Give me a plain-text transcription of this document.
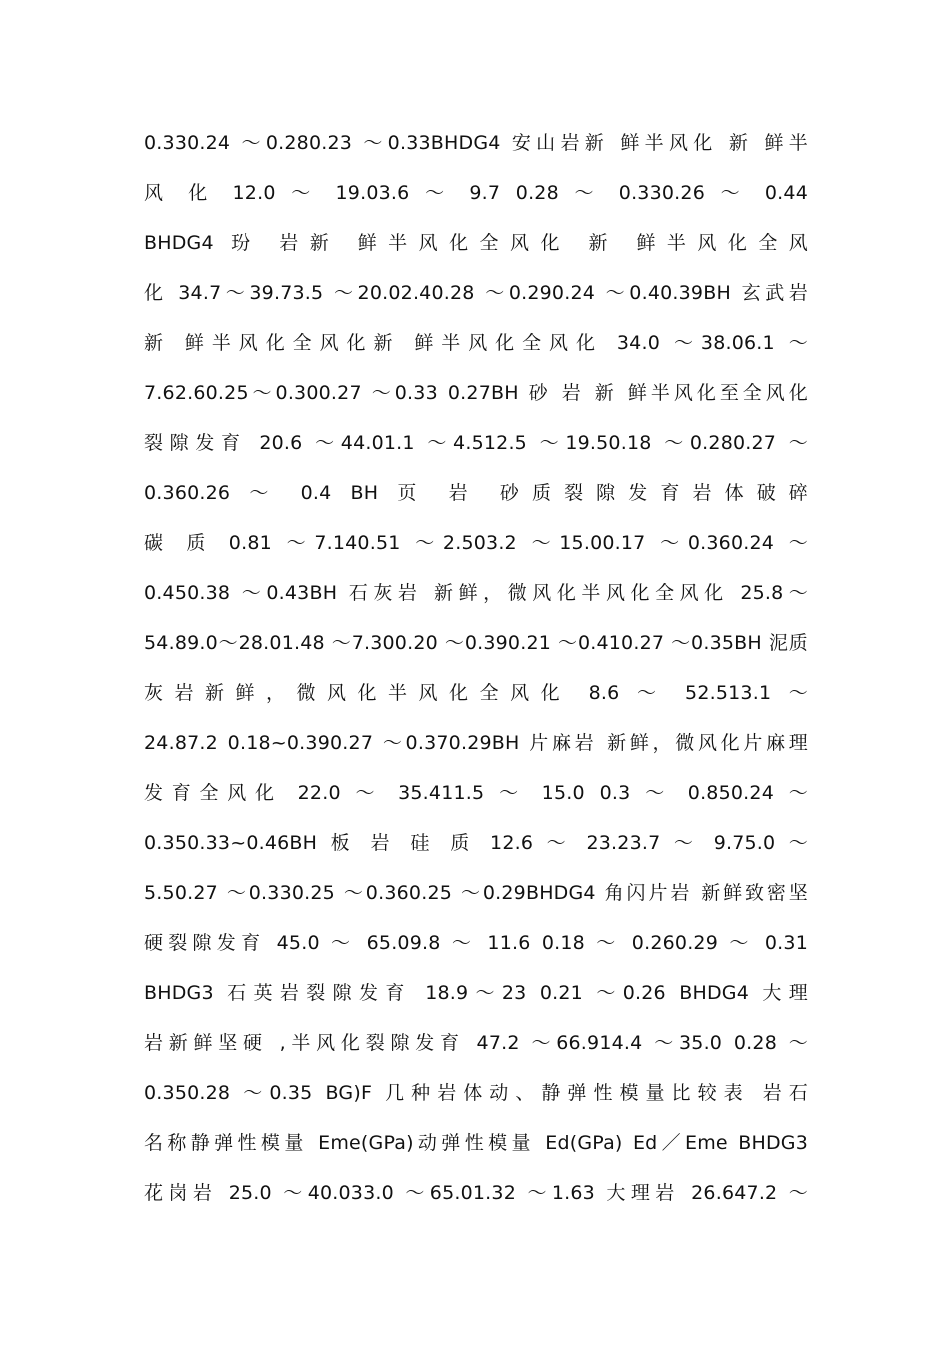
0.330.24 ～0.280.23 ～0.33BHDG4 安山岩新 鲜半风化 新 鲜半
风 化 12.0 ～ 19.03.6 ～ 9.7 0.28 ～ 0.330.26 ～ 0.44
BHDG4 玢 岩新 鲜半风化全风化 新 鲜半风化全风
化 34.7～39.73.5 ～20.02.40.28 ～0.290.24 ～0.40.39BH 玄武岩
新 鲜半风化全风化新 鲜半风化全风化 34.0 ～38.06.1 ～
7.62.60.25～0.300.27 ～0.33 0.27BH 砂 岩 新 鲜半风化至全风化
裂隙发育 20.6 ～44.01.1 ～4.512.5 ～19.50.18 ～0.280.27 ～
0.360.26 ～ 0.4 BH 页 岩 砂质裂隙发育岩体破碎
碳 质 0.81 ～7.140.51 ～2.503.2 ～15.00.17 ～0.360.24 ～
0.450.38 ～0.43BH 石灰岩 新鲜，微风化半风化全风化 25.8～
54.89.0～28.01.48 ～7.300.20 ～0.390.21 ～0.410.27 ～0.35BH 泥质
灰岩新鲜，微风化半风化全风化 8.6 ～ 52.513.1 ～
24.87.2 0.18~0.390.27 ～0.370.29BH 片麻岩 新鲜，微风化片麻理
发育全风化 22.0 ～ 35.411.5 ～ 15.0 0.3 ～ 0.850.24 ～
0.350.33~0.46BH 板 岩 硅 质 12.6 ～ 23.23.7 ～ 9.75.0 ～
5.50.27 ～0.330.25 ～0.360.25 ～0.29BHDG4 角闪片岩 新鲜致密坚
硬裂隙发育 45.0 ～ 65.09.8 ～ 11.6 0.18 ～ 0.260.29 ～ 0.31
BHDG3 石英岩裂隙发育 18.9～23 0.21 ～0.26 BHDG4 大理
岩新鲜坚硬 ,半风化裂隙发育 47.2 ～66.914.4 ～35.0 0.28 ～
0.350.28 ～0.35 BG)F 几种岩体动、静弹性模量比较表 岩石
名称静弹性模量 Eme(GPa)动弹性模量 Ed(GPa) Ed／Eme BHDG3
花岗岩 25.0 ～40.033.0 ～65.01.32 ～1.63 大理岩 26.647.2 ～
